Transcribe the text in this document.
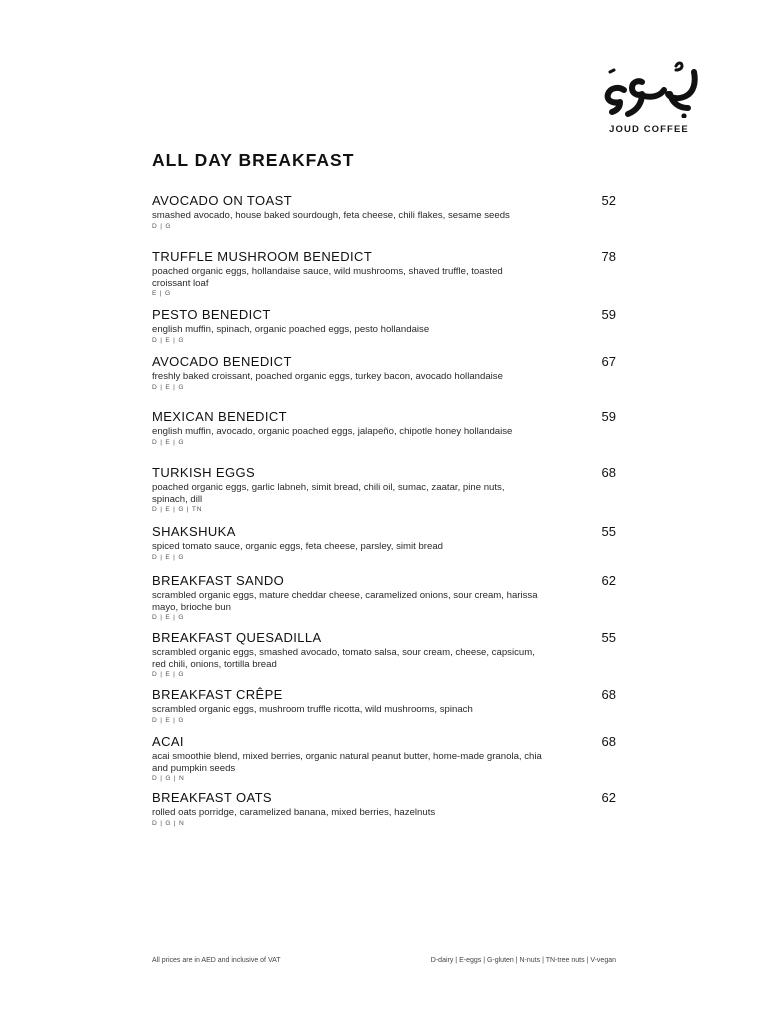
JOUD COFFEE
ALL DAY BREAKFAST
AVOCADO ON TOAST	52
smashed avocado, house baked sourdough, feta cheese, chili flakes, sesame seeds
D | G
TRUFFLE MUSHROOM BENEDICT	78
poached organic eggs, hollandaise sauce, wild mushrooms, shaved truffle, toasted croissant loaf
E | G
PESTO BENEDICT	59
english muffin, spinach, organic poached eggs, pesto hollandaise
D | E | G
AVOCADO BENEDICT	67
freshly baked croissant, poached organic eggs, turkey bacon, avocado hollandaise
D | E | G
MEXICAN BENEDICT	59
english muffin, avocado, organic poached eggs, jalapeño, chipotle honey hollandaise
D | E | G
TURKISH EGGS	68
poached organic eggs, garlic labneh, simit bread, chili oil, sumac, zaatar, pine nuts, spinach, dill
D | E | G | TN
SHAKSHUKA	55
spiced tomato sauce, organic eggs, feta cheese, parsley, simit bread
D | E | G
BREAKFAST SANDO	62
scrambled organic eggs, mature cheddar cheese, caramelized onions, sour cream, harissa mayo, brioche bun
D | E | G
BREAKFAST QUESADILLA	55
scrambled organic eggs, smashed avocado, tomato salsa, sour cream, cheese, capsicum, red chili, onions, tortilla bread
D | E | G
BREAKFAST CRÊPE	68
scrambled organic eggs, mushroom truffle ricotta, wild mushrooms, spinach
D | E | G
ACAI	68
acai smoothie blend, mixed berries, organic natural peanut butter, home-made granola, chia and pumpkin seeds
D | G | N
BREAKFAST OATS	62
rolled oats porridge, caramelized banana, mixed berries, hazelnuts
D | G | N
All prices are in AED and inclusive of VAT	D-dairy | E-eggs | G-gluten | N-nuts | TN-tree nuts | V-vegan
